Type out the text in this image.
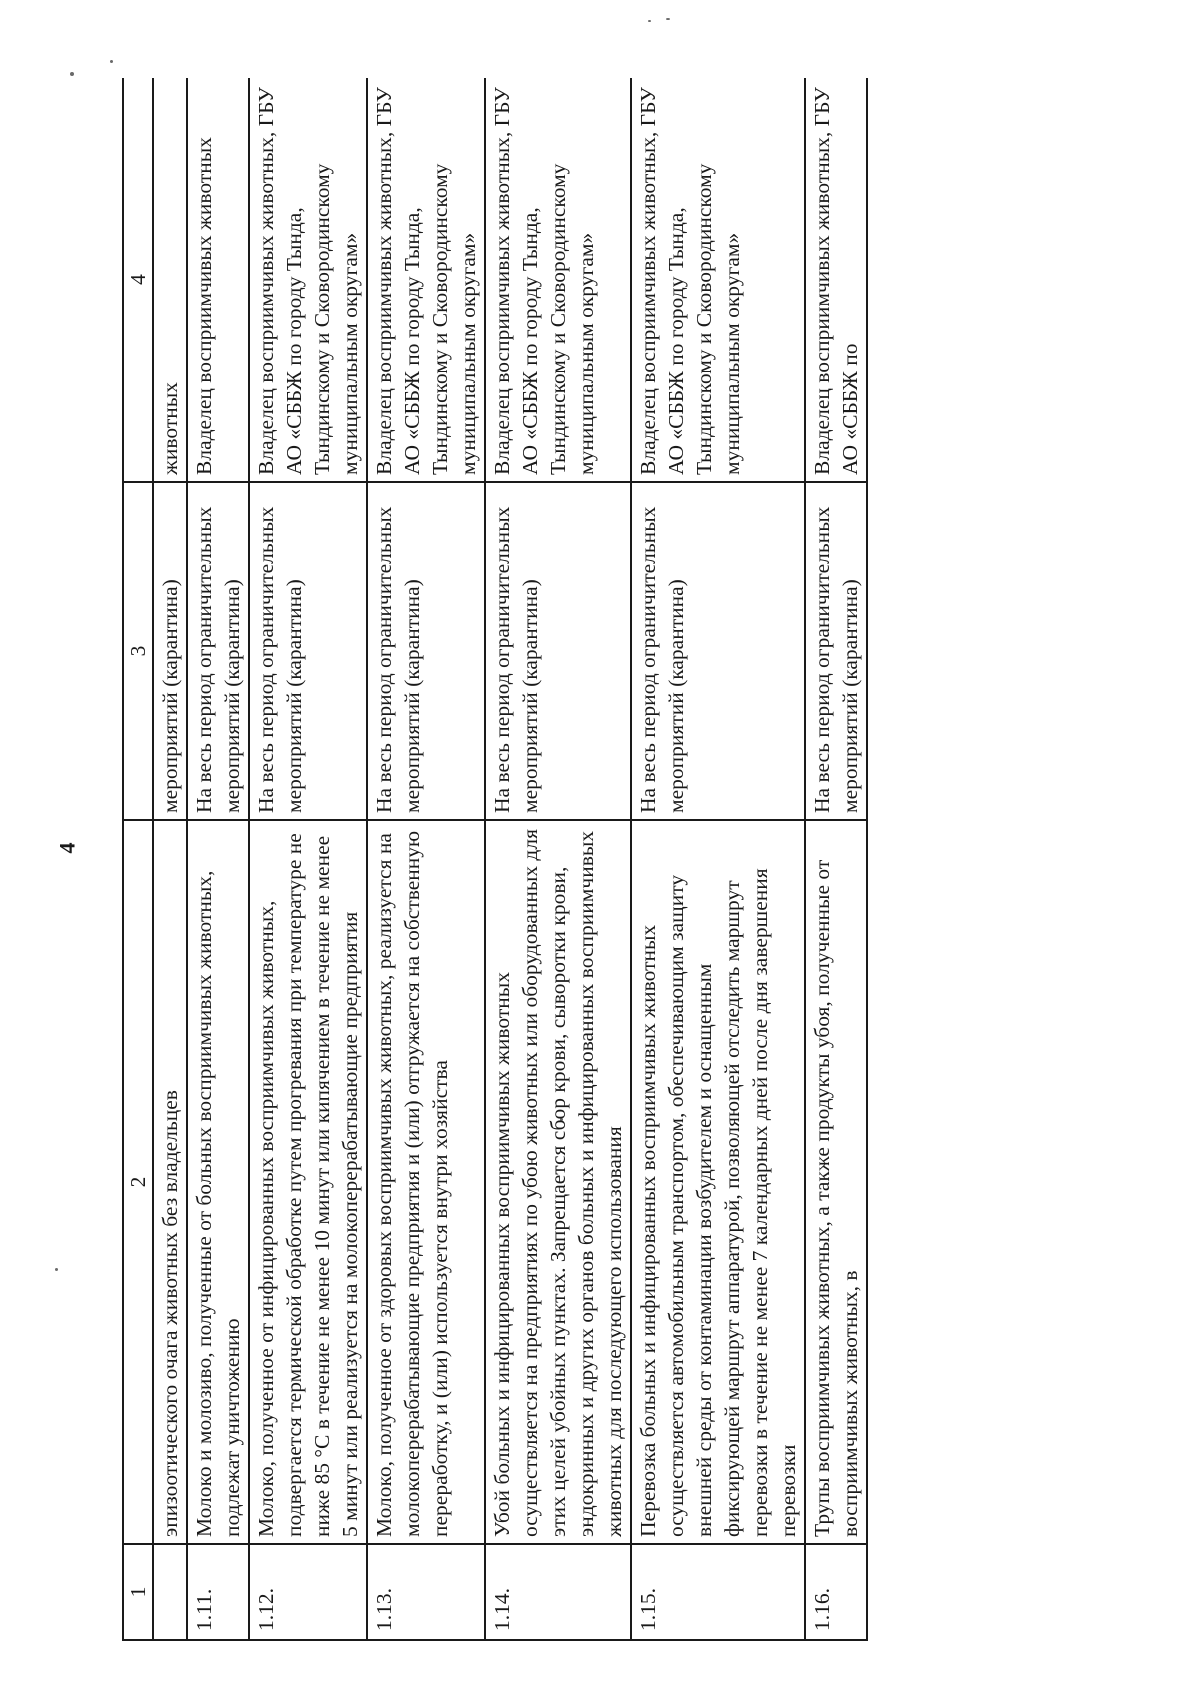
4
1	2	3	4
	эпизоотического очага животных без владельцев	мероприятий (карантина)	животных
1.11.	Молоко и молозиво, полученные от больных восприимчивых животных, подлежат уничтожению	На весь период ограничительных мероприятий (карантина)	Владелец восприимчивых животных
1.12.	Молоко, полученное от инфицированных восприимчивых животных, подвергается термической обработке путем прогревания при температуре не ниже 85 °С в течение не менее 10 минут или кипячением в течение не менее 5 минут или реализуется на молокоперерабатывающие предприятия	На весь период ограничительных мероприятий (карантина)	Владелец восприимчивых животных, ГБУ АО «СББЖ по городу Тында, Тындинскому и Сковородинскому муниципальным округам»
1.13.	Молоко, полученное от здоровых восприимчивых животных, реализуется на молокоперерабатывающие предприятия и (или) отгружается на собственную переработку, и (или) используется внутри хозяйства	На весь период ограничительных мероприятий (карантина)	Владелец восприимчивых животных, ГБУ АО «СББЖ по городу Тында, Тындинскому и Сковородинскому муниципальным округам»
1.14.	Убой больных и инфицированных восприимчивых животных осуществляется на предприятиях по убою животных или оборудованных для этих целей убойных пунктах. Запрещается сбор крови, сыворотки крови, эндокринных и других органов больных и инфицированных восприимчивых животных для последующего использования	На весь период ограничительных мероприятий (карантина)	Владелец восприимчивых животных, ГБУ АО «СББЖ по городу Тында, Тындинскому и Сковородинскому муниципальным округам»
1.15.	Перевозка больных и инфицированных восприимчивых животных осуществляется автомобильным транспортом, обеспечивающим защиту внешней среды от контаминации возбудителем и оснащенным фиксирующей маршрут аппаратурой, позволяющей отследить маршрут перевозки в течение не менее 7 календарных дней после дня завершения перевозки	На весь период ограничительных мероприятий (карантина)	Владелец восприимчивых животных, ГБУ АО «СББЖ по городу Тында, Тындинскому и Сковородинскому муниципальным округам»
1.16.	Трупы восприимчивых животных, а также продукты убоя, полученные от восприимчивых животных, в	На весь период ограничительных мероприятий (карантина)	Владелец восприимчивых животных, ГБУ АО «СББЖ по
